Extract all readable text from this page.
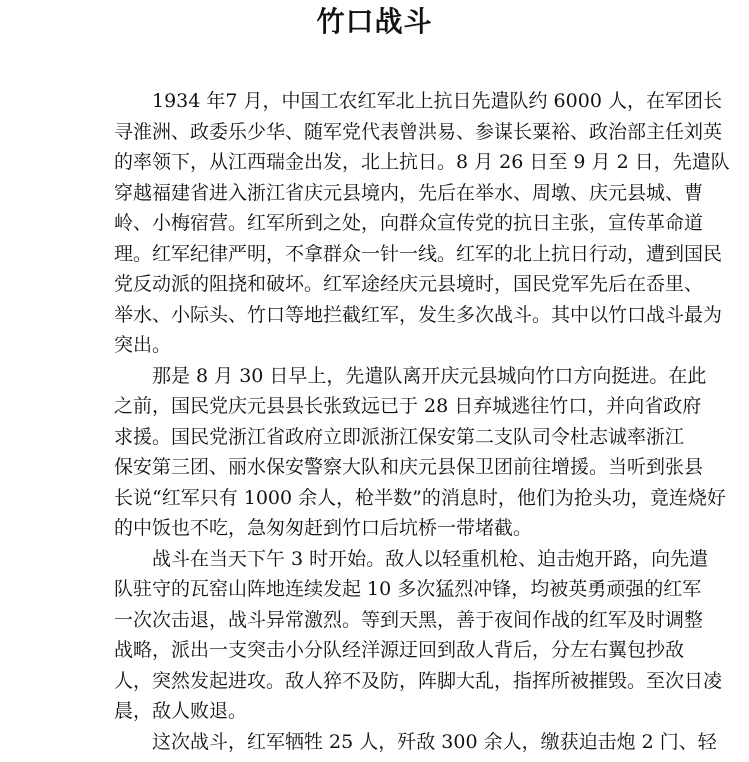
竹口战斗

1934 年7 月，中国工农红军北上抗日先遣队约 6000 人，在军团长
寻淮洲、政委乐少华、随军党代表曾洪易、参谋长粟裕、政治部主任刘英
的率领下，从江西瑞金出发，北上抗日。8 月 26 日至 9 月 2 日，先遣队
穿越福建省进入浙江省庆元县境内，先后在举水、周墩、庆元县城、曹
岭、小梅宿营。红军所到之处，向群众宣传党的抗日主张，宣传革命道
理。红军纪律严明，不拿群众一针一线。红军的北上抗日行动，遭到国民
党反动派的阻挠和破坏。红军途经庆元县境时，国民党军先后在岙里、
举水、小际头、竹口等地拦截红军，发生多次战斗。其中以竹口战斗最为
突出。

那是 8 月 30 日早上，先遣队离开庆元县城向竹口方向挺进。在此
之前，国民党庆元县县长张致远已于 28 日弃城逃往竹口，并向省政府
求援。国民党浙江省政府立即派浙江保安第二支队司令杜志诚率浙江
保安第三团、丽水保安警察大队和庆元县保卫团前往增援。当听到张县
长说“红军只有 1000 余人，枪半数”的消息时，他们为抢头功，竟连烧好
的中饭也不吃，急匆匆赶到竹口后坑桥一带堵截。

战斗在当天下午 3 时开始。敌人以轻重机枪、迫击炮开路，向先遣
队驻守的瓦窑山阵地连续发起 10 多次猛烈冲锋，均被英勇顽强的红军
一次次击退，战斗异常激烈。等到天黑，善于夜间作战的红军及时调整
战略，派出一支突击小分队经洋源迂回到敌人背后，分左右翼包抄敌
人，突然发起进攻。敌人猝不及防，阵脚大乱，指挥所被摧毁。至次日凌
晨，敌人败退。

这次战斗，红军牺牲 25 人，歼敌 300 余人，缴获迫击炮 2 门、轻
